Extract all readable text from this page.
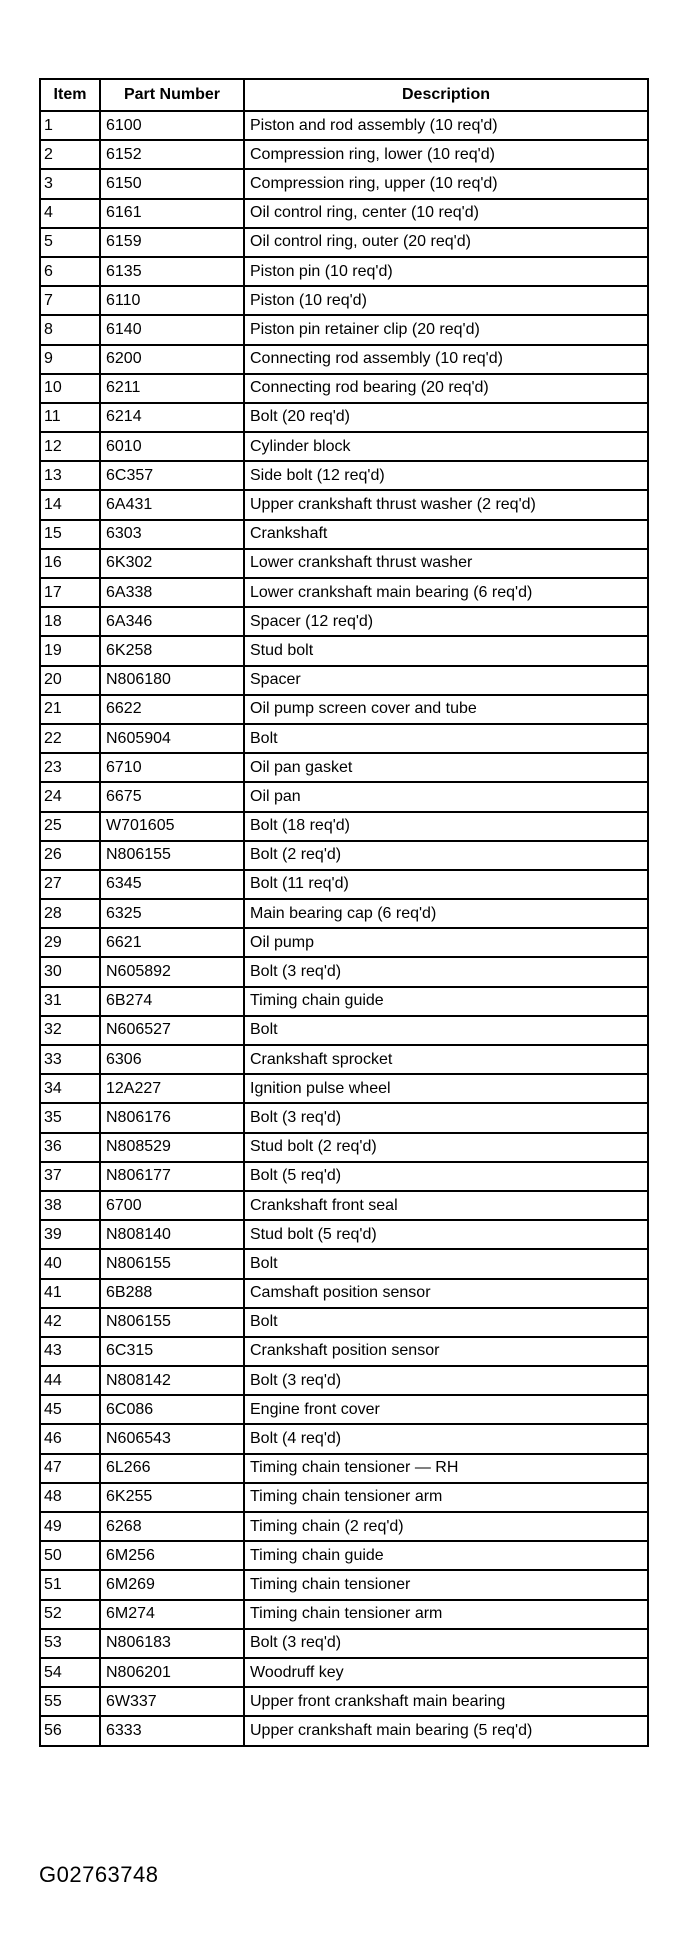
Item	Part Number	Description
1	6100	Piston and rod assembly (10 req'd)
2	6152	Compression ring, lower (10 req'd)
3	6150	Compression ring, upper (10 req'd)
4	6161	Oil control ring, center (10 req'd)
5	6159	Oil control ring, outer (20 req'd)
6	6135	Piston pin (10 req'd)
7	6110	Piston (10 req'd)
8	6140	Piston pin retainer clip (20 req'd)
9	6200	Connecting rod assembly (10 req'd)
10	6211	Connecting rod bearing (20 req'd)
11	6214	Bolt (20 req'd)
12	6010	Cylinder block
13	6C357	Side bolt (12 req'd)
14	6A431	Upper crankshaft thrust washer (2 req'd)
15	6303	Crankshaft
16	6K302	Lower crankshaft thrust washer
17	6A338	Lower crankshaft main bearing (6 req'd)
18	6A346	Spacer (12 req'd)
19	6K258	Stud bolt
20	N806180	Spacer
21	6622	Oil pump screen cover and tube
22	N605904	Bolt
23	6710	Oil pan gasket
24	6675	Oil pan
25	W701605	Bolt (18 req'd)
26	N806155	Bolt (2 req'd)
27	6345	Bolt (11 req'd)
28	6325	Main bearing cap (6 req'd)
29	6621	Oil pump
30	N605892	Bolt (3 req'd)
31	6B274	Timing chain guide
32	N606527	Bolt
33	6306	Crankshaft sprocket
34	12A227	Ignition pulse wheel
35	N806176	Bolt (3 req'd)
36	N808529	Stud bolt (2 req'd)
37	N806177	Bolt (5 req'd)
38	6700	Crankshaft front seal
39	N808140	Stud bolt (5 req'd)
40	N806155	Bolt
41	6B288	Camshaft position sensor
42	N806155	Bolt
43	6C315	Crankshaft position sensor
44	N808142	Bolt (3 req'd)
45	6C086	Engine front cover
46	N606543	Bolt (4 req'd)
47	6L266	Timing chain tensioner — RH
48	6K255	Timing chain tensioner arm
49	6268	Timing chain (2 req'd)
50	6M256	Timing chain guide
51	6M269	Timing chain tensioner
52	6M274	Timing chain tensioner arm
53	N806183	Bolt (3 req'd)
54	N806201	Woodruff key
55	6W337	Upper front crankshaft main bearing
56	6333	Upper crankshaft main bearing (5 req'd)
G02763748
